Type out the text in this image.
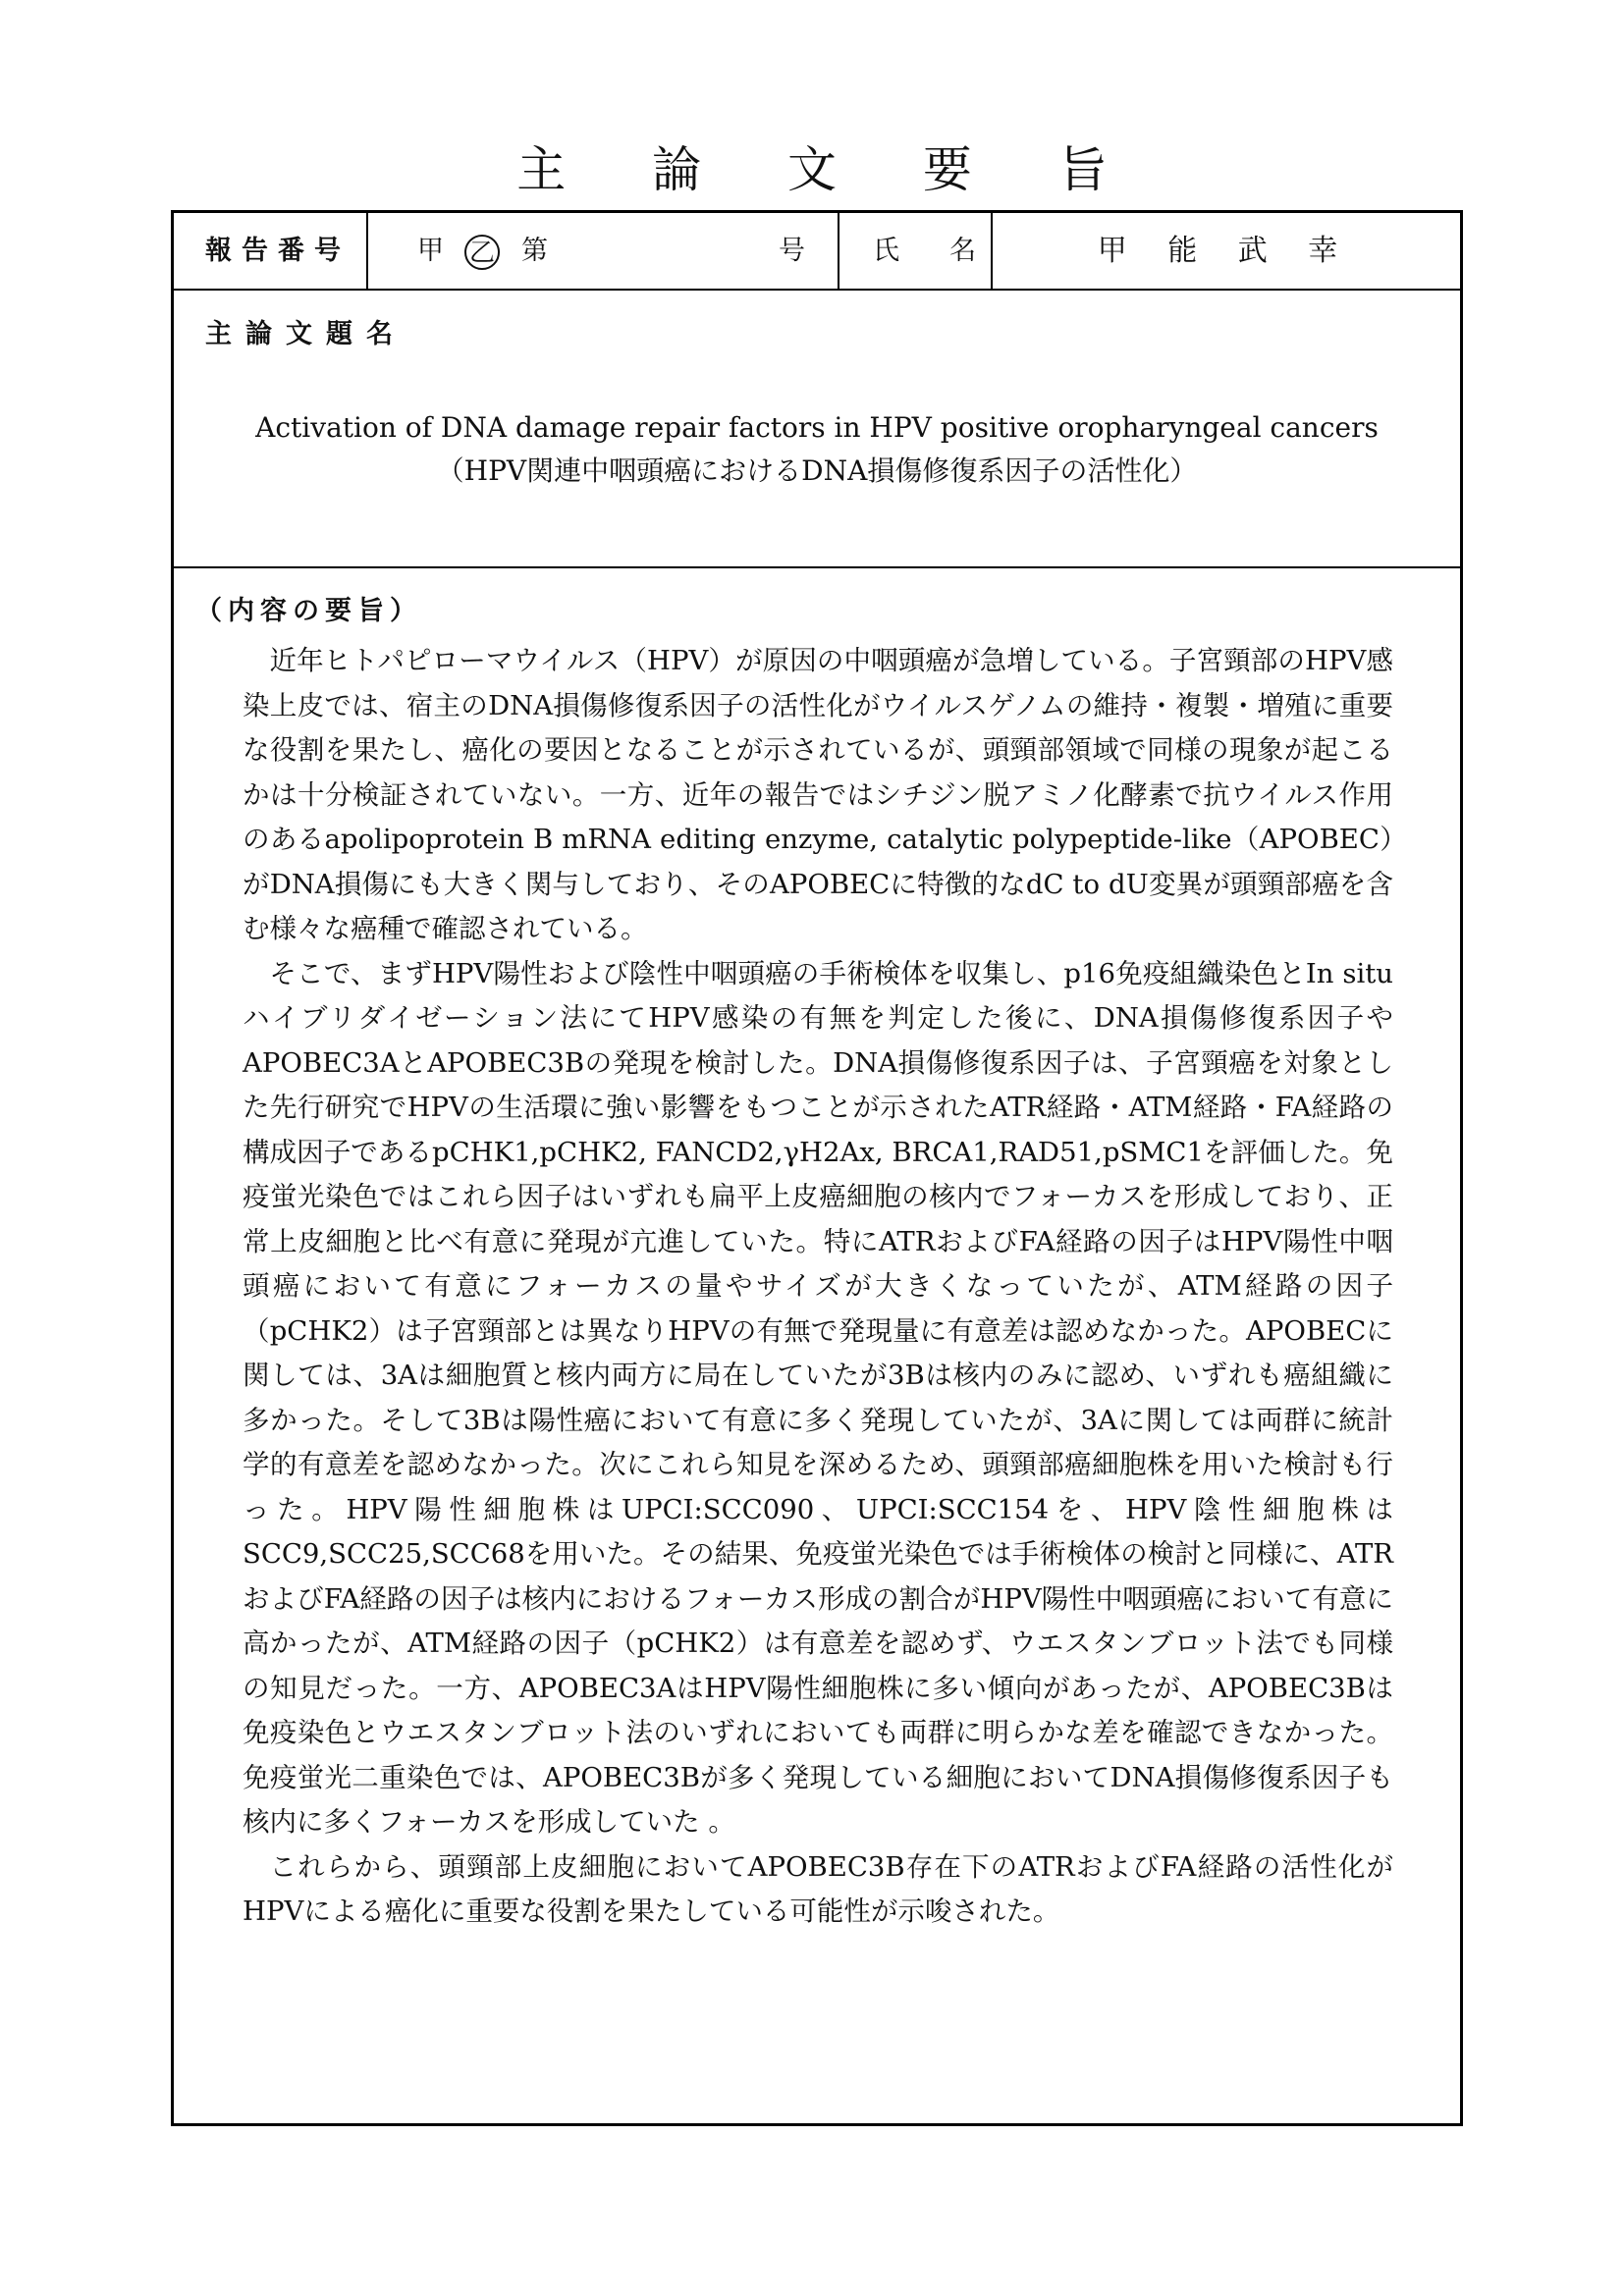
主 論 文 要 旨
報告番号	甲 乙 第	号	氏　名	甲 能 武 幸
主論文題名
Activation of DNA damage repair factors in HPV positive oropharyngeal cancers
（HPV関連中咽頭癌におけるDNA損傷修復系因子の活性化）
（内容の要旨）

近年ヒトパピローマウイルス（HPV）が原因の中咽頭癌が急増している。子宮頸部のHPV感染上皮では、宿主のDNA損傷修復系因子の活性化がウイルスゲノムの維持・複製・増殖に重要な役割を果たし、癌化の要因となることが示されているが、頭頸部領域で同様の現象が起こるかは十分検証されていない。一方、近年の報告ではシチジン脱アミノ化酵素で抗ウイルス作用のあるapolipoprotein B mRNA editing enzyme, catalytic polypeptide-like（APOBEC）がDNA損傷にも大きく関与しており、そのAPOBECに特徴的なdC to dU変異が頭頸部癌を含む様々な癌種で確認されている。

そこで、まずHPV陽性および陰性中咽頭癌の手術検体を収集し、p16免疫組織染色とIn situ ハイブリダイゼーション法にてHPV感染の有無を判定した後に、DNA損傷修復系因子やAPOBEC3AとAPOBEC3Bの発現を検討した。DNA損傷修復系因子は、子宮頸癌を対象とした先行研究でHPVの生活環に強い影響をもつことが示されたATR経路・ATM経路・FA経路の構成因子であるpCHK1,pCHK2, FANCD2,γH2Ax, BRCA1,RAD51,pSMC1を評価した。免疫蛍光染色ではこれら因子はいずれも扁平上皮癌細胞の核内でフォーカスを形成しており、正常上皮細胞と比べ有意に発現が亢進していた。特にATRおよびFA経路の因子はHPV陽性中咽頭癌において有意にフォーカスの量やサイズが大きくなっていたが、ATM経路の因子（pCHK2）は子宮頸部とは異なりHPVの有無で発現量に有意差は認めなかった。APOBECに関しては、3Aは細胞質と核内両方に局在していたが3Bは核内のみに認め、いずれも癌組織に多かった。そして3Bは陽性癌において有意に多く発現していたが、3Aに関しては両群に統計学的有意差を認めなかった。次にこれら知見を深めるため、頭頸部癌細胞株を用いた検討も行った。HPV陽性細胞株はUPCI:SCC090、UPCI:SCC154を、HPV陰性細胞株はSCC9,SCC25,SCC68を用いた。その結果、免疫蛍光染色では手術検体の検討と同様に、ATRおよびFA経路の因子は核内におけるフォーカス形成の割合がHPV陽性中咽頭癌において有意に高かったが、ATM経路の因子（pCHK2）は有意差を認めず、ウエスタンブロット法でも同様の知見だった。一方、APOBEC3AはHPV陽性細胞株に多い傾向があったが、APOBEC3Bは免疫染色とウエスタンブロット法のいずれにおいても両群に明らかな差を確認できなかった。免疫蛍光二重染色では、APOBEC3Bが多く発現している細胞においてDNA損傷修復系因子も核内に多くフォーカスを形成していた 。

これらから、頭頸部上皮細胞においてAPOBEC3B存在下のATRおよびFA経路の活性化がHPVによる癌化に重要な役割を果たしている可能性が示唆された。
